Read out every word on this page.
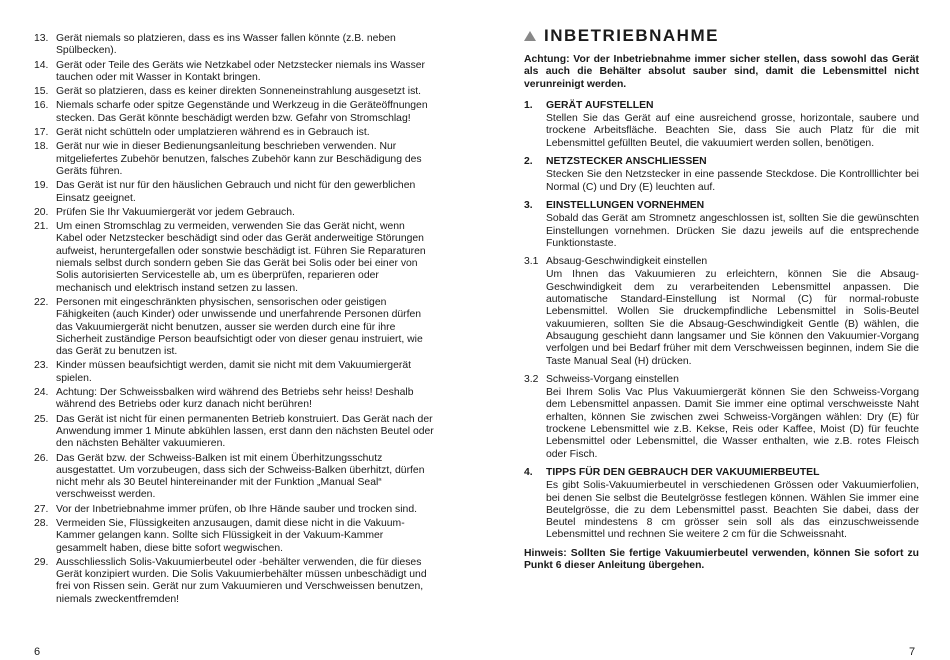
13. Gerät niemals so platzieren, dass es ins Wasser fallen könnte (z.B. neben Spülbecken).
14. Gerät oder Teile des Geräts wie Netzkabel oder Netzstecker niemals ins Wasser tauchen oder mit Wasser in Kontakt bringen.
15. Gerät so platzieren, dass es keiner direkten Sonneneinstrahlung ausgesetzt ist.
16. Niemals scharfe oder spitze Gegenstände und Werkzeug in die Geräteöffnungen stecken. Das Gerät könnte beschädigt werden bzw. Gefahr von Stromschlag!
17. Gerät nicht schütteln oder umplatzieren während es in Gebrauch ist.
18. Gerät nur wie in dieser Bedienungsanleitung beschrieben verwenden. Nur mitgeliefertes Zubehör benutzen, falsches Zubehör kann zur Beschädigung des Geräts führen.
19. Das Gerät ist nur für den häuslichen Gebrauch und nicht für den gewerblichen Einsatz geeignet.
20. Prüfen Sie Ihr Vakuumiergerät vor jedem Gebrauch.
21. Um einen Stromschlag zu vermeiden, verwenden Sie das Gerät nicht, wenn Kabel oder Netzstecker beschädigt sind oder das Gerät anderweitige Störungen aufweist, heruntergefallen oder sonstwie beschädigt ist. Führen Sie Reparaturen niemals selbst durch sondern geben Sie das Gerät bei Solis oder bei einer von Solis autorisierten Servicestelle ab, um es überprüfen, reparieren oder mechanisch und elektrisch instand setzen zu lassen.
22. Personen mit eingeschränkten physischen, sensorischen oder geistigen Fähigkeiten (auch Kinder) oder unwissende und unerfahrende Personen dürfen das Vakuumiergerät nicht benutzen, ausser sie werden durch eine für ihre Sicherheit zuständige Person beaufsichtigt oder von dieser genau instruiert, wie das Gerät zu benutzen ist.
23. Kinder müssen beaufsichtigt werden, damit sie nicht mit dem Vakuumiergerät spielen.
24. Achtung: Der Schweissbalken wird während des Betriebs sehr heiss! Deshalb während des Betriebs oder kurz danach nicht berühren!
25. Das Gerät ist nicht für einen permanenten Betrieb konstruiert. Das Gerät nach der Anwendung immer 1 Minute abkühlen lassen, erst dann den nächsten Beutel oder den nächsten Behälter vakuumieren.
26. Das Gerät bzw. der Schweiss-Balken ist mit einem Überhitzungsschutz ausgestattet. Um vorzubeugen, dass sich der Schweiss-Balken überhitzt, dürfen nicht mehr als 30 Beutel hintereinander mit der Funktion „Manual Seal“ verschweisst werden.
27. Vor der Inbetriebnahme immer prüfen, ob Ihre Hände sauber und trocken sind.
28. Vermeiden Sie, Flüssigkeiten anzusaugen, damit diese nicht in die Vakuum-Kammer gelangen kann. Sollte sich Flüssigkeit in der Vakuum-Kammer gesammelt haben, diese bitte sofort wegwischen.
29. Ausschliesslich Solis-Vakuumierbeutel oder -behälter verwenden, die für dieses Gerät konzipiert wurden. Die Solis Vakuumierbehälter müssen unbeschädigt und frei von Rissen sein. Gerät nur zum Vakuumieren und Verschweissen benutzen, niemals zweckentfremden!
6
INBETRIEBNAHME
Achtung: Vor der Inbetriebnahme immer sicher stellen, dass sowohl das Gerät als auch die Behälter absolut sauber sind, damit die Lebensmittel nicht verunreinigt werden.
1.	GERÄT AUFSTELLEN
Stellen Sie das Gerät auf eine ausreichend grosse, horizontale, saubere und trockene Arbeitsfläche. Beachten Sie, dass Sie auch Platz für die mit Lebensmittel gefüllten Beutel, die vakuumiert werden sollen, benötigen.
2.	NETZSTECKER ANSCHLIESSEN
Stecken Sie den Netzstecker in eine passende Steckdose. Die Kontrolllichter bei Normal (C) und Dry (E) leuchten auf.
3.	EINSTELLUNGEN VORNEHMEN
Sobald das Gerät am Stromnetz angeschlossen ist, sollten Sie die gewünschten Einstellungen vornehmen. Drücken Sie dazu jeweils auf die entsprechende Funktionstaste.
3.1 Absaug-Geschwindigkeit einstellen
Um Ihnen das Vakuumieren zu erleichtern, können Sie die Absaug-Geschwindigkeit dem zu verarbeitenden Lebensmittel anpassen. Die automatische Standard-Einstellung ist Normal (C) für normal-robuste Lebensmittel. Wollen Sie druckempfindliche Lebensmittel in Solis-Beutel vakuumieren, sollten Sie die Absaug-Geschwindigkeit Gentle (B) wählen, die Absaugung geschieht dann langsamer und Sie können den Vakuumier-Vorgang verfolgen und bei Bedarf früher mit dem Verschweissen beginnen, indem Sie die Taste Manual Seal (H) drücken.
3.2 Schweiss-Vorgang einstellen
Bei Ihrem Solis Vac Plus Vakuumiergerät können Sie den Schweiss-Vorgang dem Lebensmittel anpassen. Damit Sie immer eine optimal verschweisste Naht erhalten, können Sie zwischen zwei Schweiss-Vorgängen wählen: Dry (E) für trockene Lebensmittel wie z.B. Kekse, Reis oder Kaffee, Moist (D) für feuchte Lebensmittel oder Lebensmittel, die Wasser enthalten, wie z.B. rotes Fleisch oder Fisch.
4.	TIPPS FÜR DEN GEBRAUCH DER VAKUUMIERBEUTEL
Es gibt Solis-Vakuumierbeutel in verschiedenen Grössen oder Vakuumierfolien, bei denen Sie selbst die Beutelgrösse festlegen können. Wählen Sie immer eine Beutelgrösse, die zu dem Lebensmittel passt. Beachten Sie dabei, dass der Beutel mindestens 8 cm grösser sein soll als das einzuschweissende Lebensmittel und rechnen Sie weitere 2 cm für die Schweissnaht.
Hinweis: Sollten Sie fertige Vakuumierbeutel verwenden, können Sie sofort zu Punkt 6 dieser Anleitung übergehen.
7
